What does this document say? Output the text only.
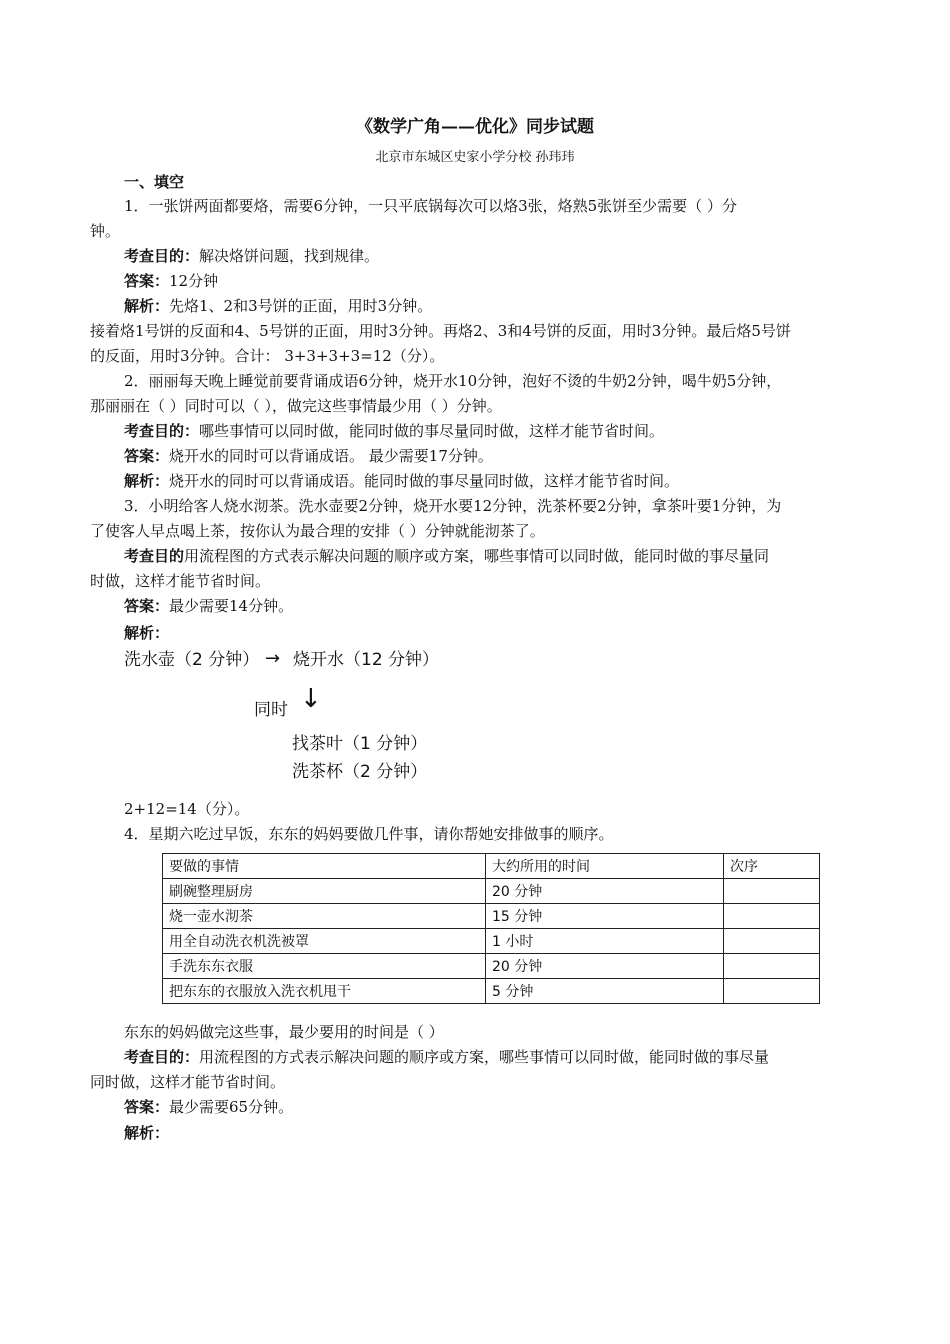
《数学广角——优化》同步试题
北京市东城区史家小学分校 孙玮玮
一、填空
1．一张饼两面都要烙，需要6分钟，一只平底锅每次可以烙3张，烙熟5张饼至少需要（ ）分
钟。
考查目的：解决烙饼问题，找到规律。
答案：12分钟
解析：先烙1、2和3号饼的正面，用时3分钟。
接着烙1号饼的反面和4、5号饼的正面，用时3分钟。再烙2、3和4号饼的反面，用时3分钟。最后烙5号饼
的反面，用时3分钟。合计： 3+3+3+3=12（分）。
2．丽丽每天晚上睡觉前要背诵成语6分钟，烧开水10分钟，泡好不烫的牛奶2分钟，喝牛奶5分钟，
那丽丽在（ ）同时可以（ ），做完这些事情最少用（ ）分钟。
考查目的：哪些事情可以同时做，能同时做的事尽量同时做，这样才能节省时间。
答案：烧开水的同时可以背诵成语。 最少需要17分钟。
解析：烧开水的同时可以背诵成语。能同时做的事尽量同时做，这样才能节省时间。
3．小明给客人烧水沏茶。洗水壶要2分钟，烧开水要12分钟，洗茶杯要2分钟，拿茶叶要1分钟，为
了使客人早点喝上茶，按你认为最合理的安排（ ）分钟就能沏茶了。
考查目的用流程图的方式表示解决问题的顺序或方案，哪些事情可以同时做，能同时做的事尽量同
时做，这样才能节省时间。
答案：最少需要14分钟。
解析：
洗水壶（2 分钟） → 烧开水（12 分钟）
同时 ↓
找茶叶（1 分钟）
洗茶杯（2 分钟）
2+12=14（分）。
4．星期六吃过早饭，东东的妈妈要做几件事，请你帮她安排做事的顺序。
要做的事情	大约所用的时间	次序
刷碗整理厨房	20 分钟	
烧一壶水沏茶	15 分钟	
用全自动洗衣机洗被罩	1 小时	
手洗东东衣服	20 分钟	
把东东的衣服放入洗衣机甩干	5 分钟	
东东的妈妈做完这些事，最少要用的时间是（ ）
考查目的：用流程图的方式表示解决问题的顺序或方案，哪些事情可以同时做，能同时做的事尽量
同时做，这样才能节省时间。
答案：最少需要65分钟。
解析：
